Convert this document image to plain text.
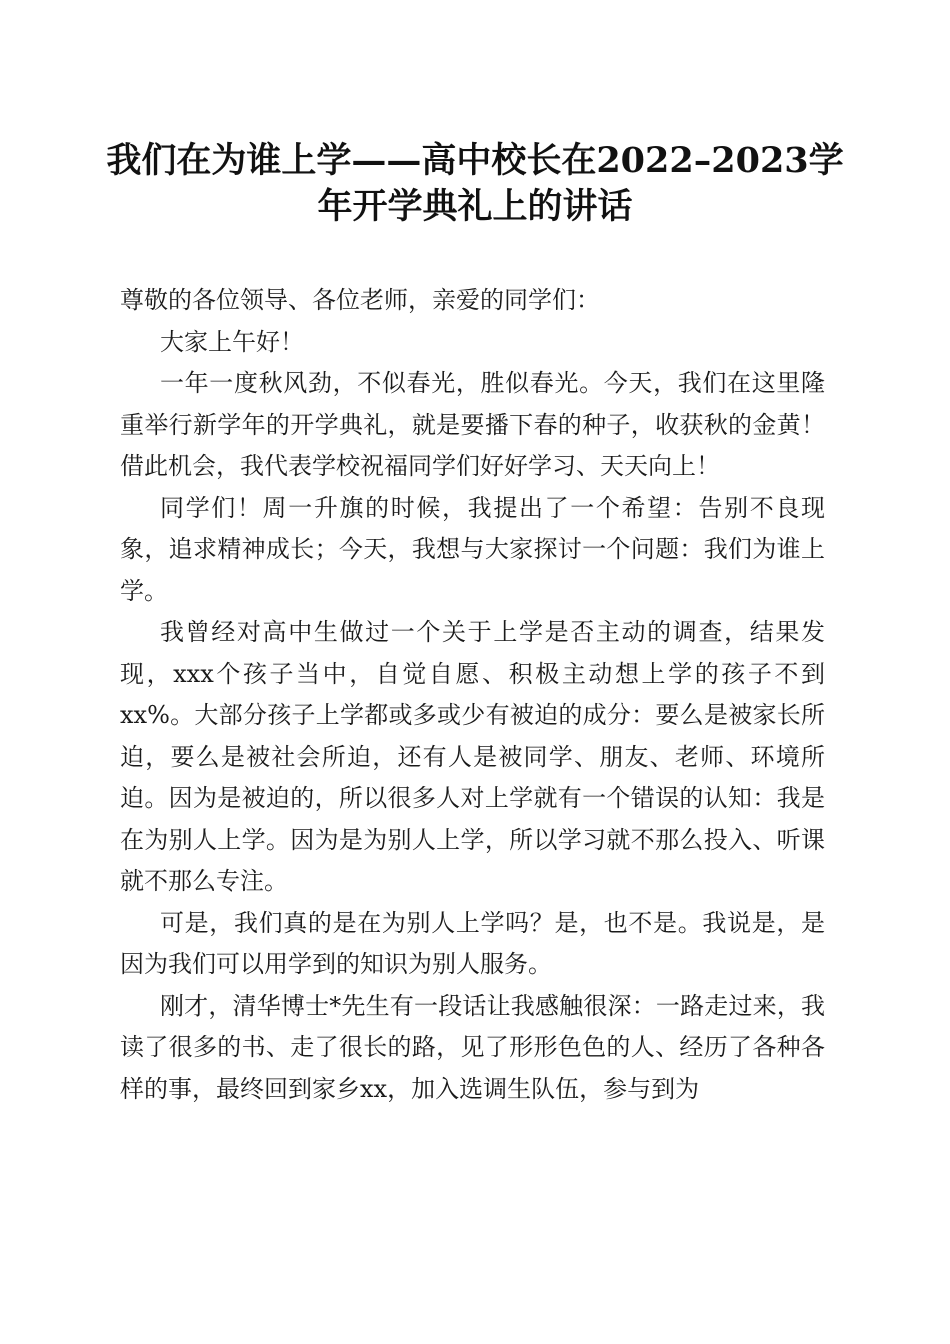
我们在为谁上学——高中校长在2022–2023学
年开学典礼上的讲话

尊敬的各位领导、各位老师，亲爱的同学们：

大家上午好！

一年一度秋风劲，不似春光，胜似春光。今天，我们在这里隆重举行新学年的开学典礼，就是要播下春的种子，收获秋的金黄！借此机会，我代表学校祝福同学们好好学习、天天向上！

同学们！周一升旗的时候，我提出了一个希望：告别不良现象，追求精神成长；今天，我想与大家探讨一个问题：我们为谁上学。

我曾经对高中生做过一个关于上学是否主动的调查，结果发现，xxx个孩子当中，自觉自愿、积极主动想上学的孩子不到xx%。大部分孩子上学都或多或少有被迫的成分：要么是被家长所迫，要么是被社会所迫，还有人是被同学、朋友、老师、环境所迫。因为是被迫的，所以很多人对上学就有一个错误的认知：我是在为别人上学。因为是为别人上学，所以学习就不那么投入、听课就不那么专注。

可是，我们真的是在为别人上学吗？是，也不是。我说是，是因为我们可以用学到的知识为别人服务。

刚才，清华博士*先生有一段话让我感触很深：一路走过来，我读了很多的书、走了很长的路，见了形形色色的人、经历了各种各样的事，最终回到家乡xx，加入选调生队伍，参与到为
